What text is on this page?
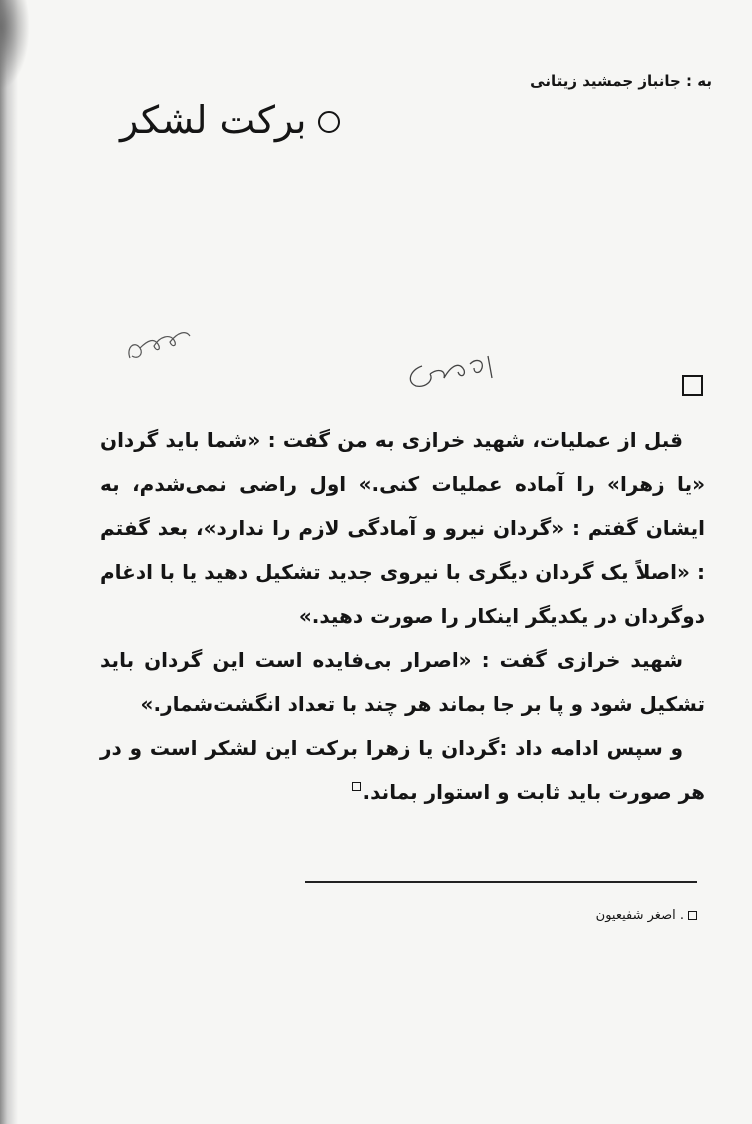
به : جانباز جمشید زیتانی
برکت لشکر

قبل از عملیات، شهید خرازی به من گفت : «شما باید گردان «یا زهرا» را آماده عملیات کنی.» اول راضی نمی‌شدم، به ایشان گفتم : «گردان نیرو و آمادگی لازم را ندارد»، بعد گفتم : «اصلاً یک گردان دیگری با نیروی جدید تشکیل دهید یا با ادغام دوگردان در یکدیگر اینکار را صورت دهید.»

شهید خرازی گفت : «اصرار بی‌فایده است این گردان باید تشکیل شود و پا بر جا بماند هر چند با تعداد انگشت‌شمار.»

و سپس ادامه داد :گردان یا زهرا برکت این لشکر است و در هر صورت باید ثابت و استوار بماند.

. اصغر شفیعیون
